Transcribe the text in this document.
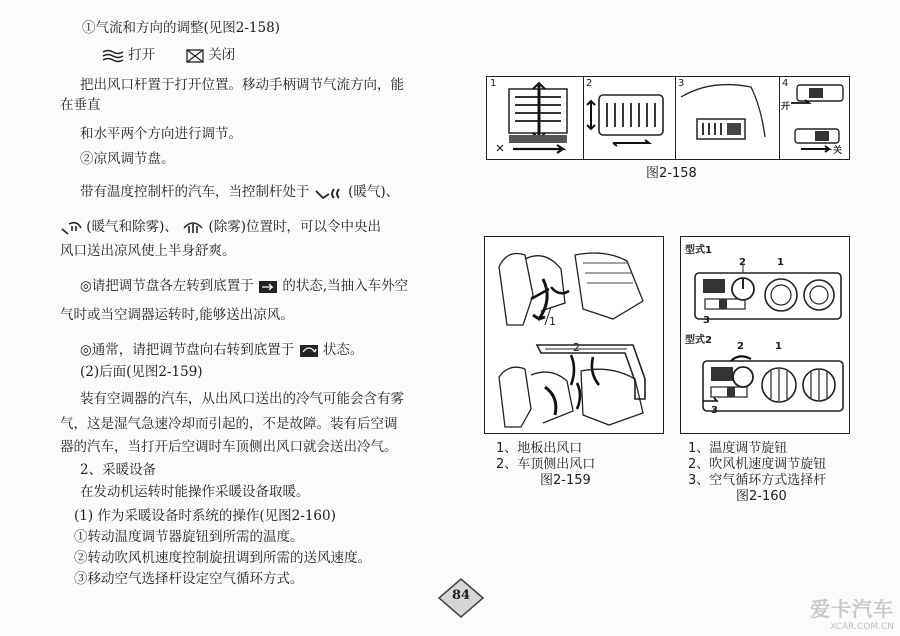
①气流和方向的调整(见图2-158)
打开	关闭
把出风口杆置于打开位置。移动手柄调节气流方向，能
在垂直
和水平两个方向进行调节。
②凉风调节盘。
带有温度控制杆的汽车，当控制杆处于	(暖气)、
(暖气和除雾)、 (除雾)位置时，可以令中央出
风口送出凉风使上半身舒爽。
◎请把调节盘各左转到底置于 的状态,当抽入车外空
气时或当空调器运转时,能够送出凉风。
◎通常，请把调节盘向右转到底置于 状态。
(2)后面(见图2-159)
装有空调器的汽车，从出风口送出的冷气可能会含有雾
气，这是湿气急速冷却而引起的，不是故障。装有后空调
器的汽车，当打开后空调时车顶侧出风口就会送出冷气。
2、采暖设备
在发动机运转时能操作采暖设备取暖。
(1) 作为采暖设备时系统的操作(见图2-160)
①转动温度调节器旋钮到所需的温度。
②转动吹风机速度控制旋扭调到所需的送风速度。
③移动空气选择杆设定空气循环方式。
1	2	3	4
开
关
图2-158
1
2
1、地板出风口
2、车顶侧出风口
图2-159
型式1
型式2
2	1
3
2	1
3
1、温度调节旋钮
2、吹风机速度调节旋钮
3、空气循环方式选择杆
图2-160
84
爱卡汽车
XCAR.COM.CN
